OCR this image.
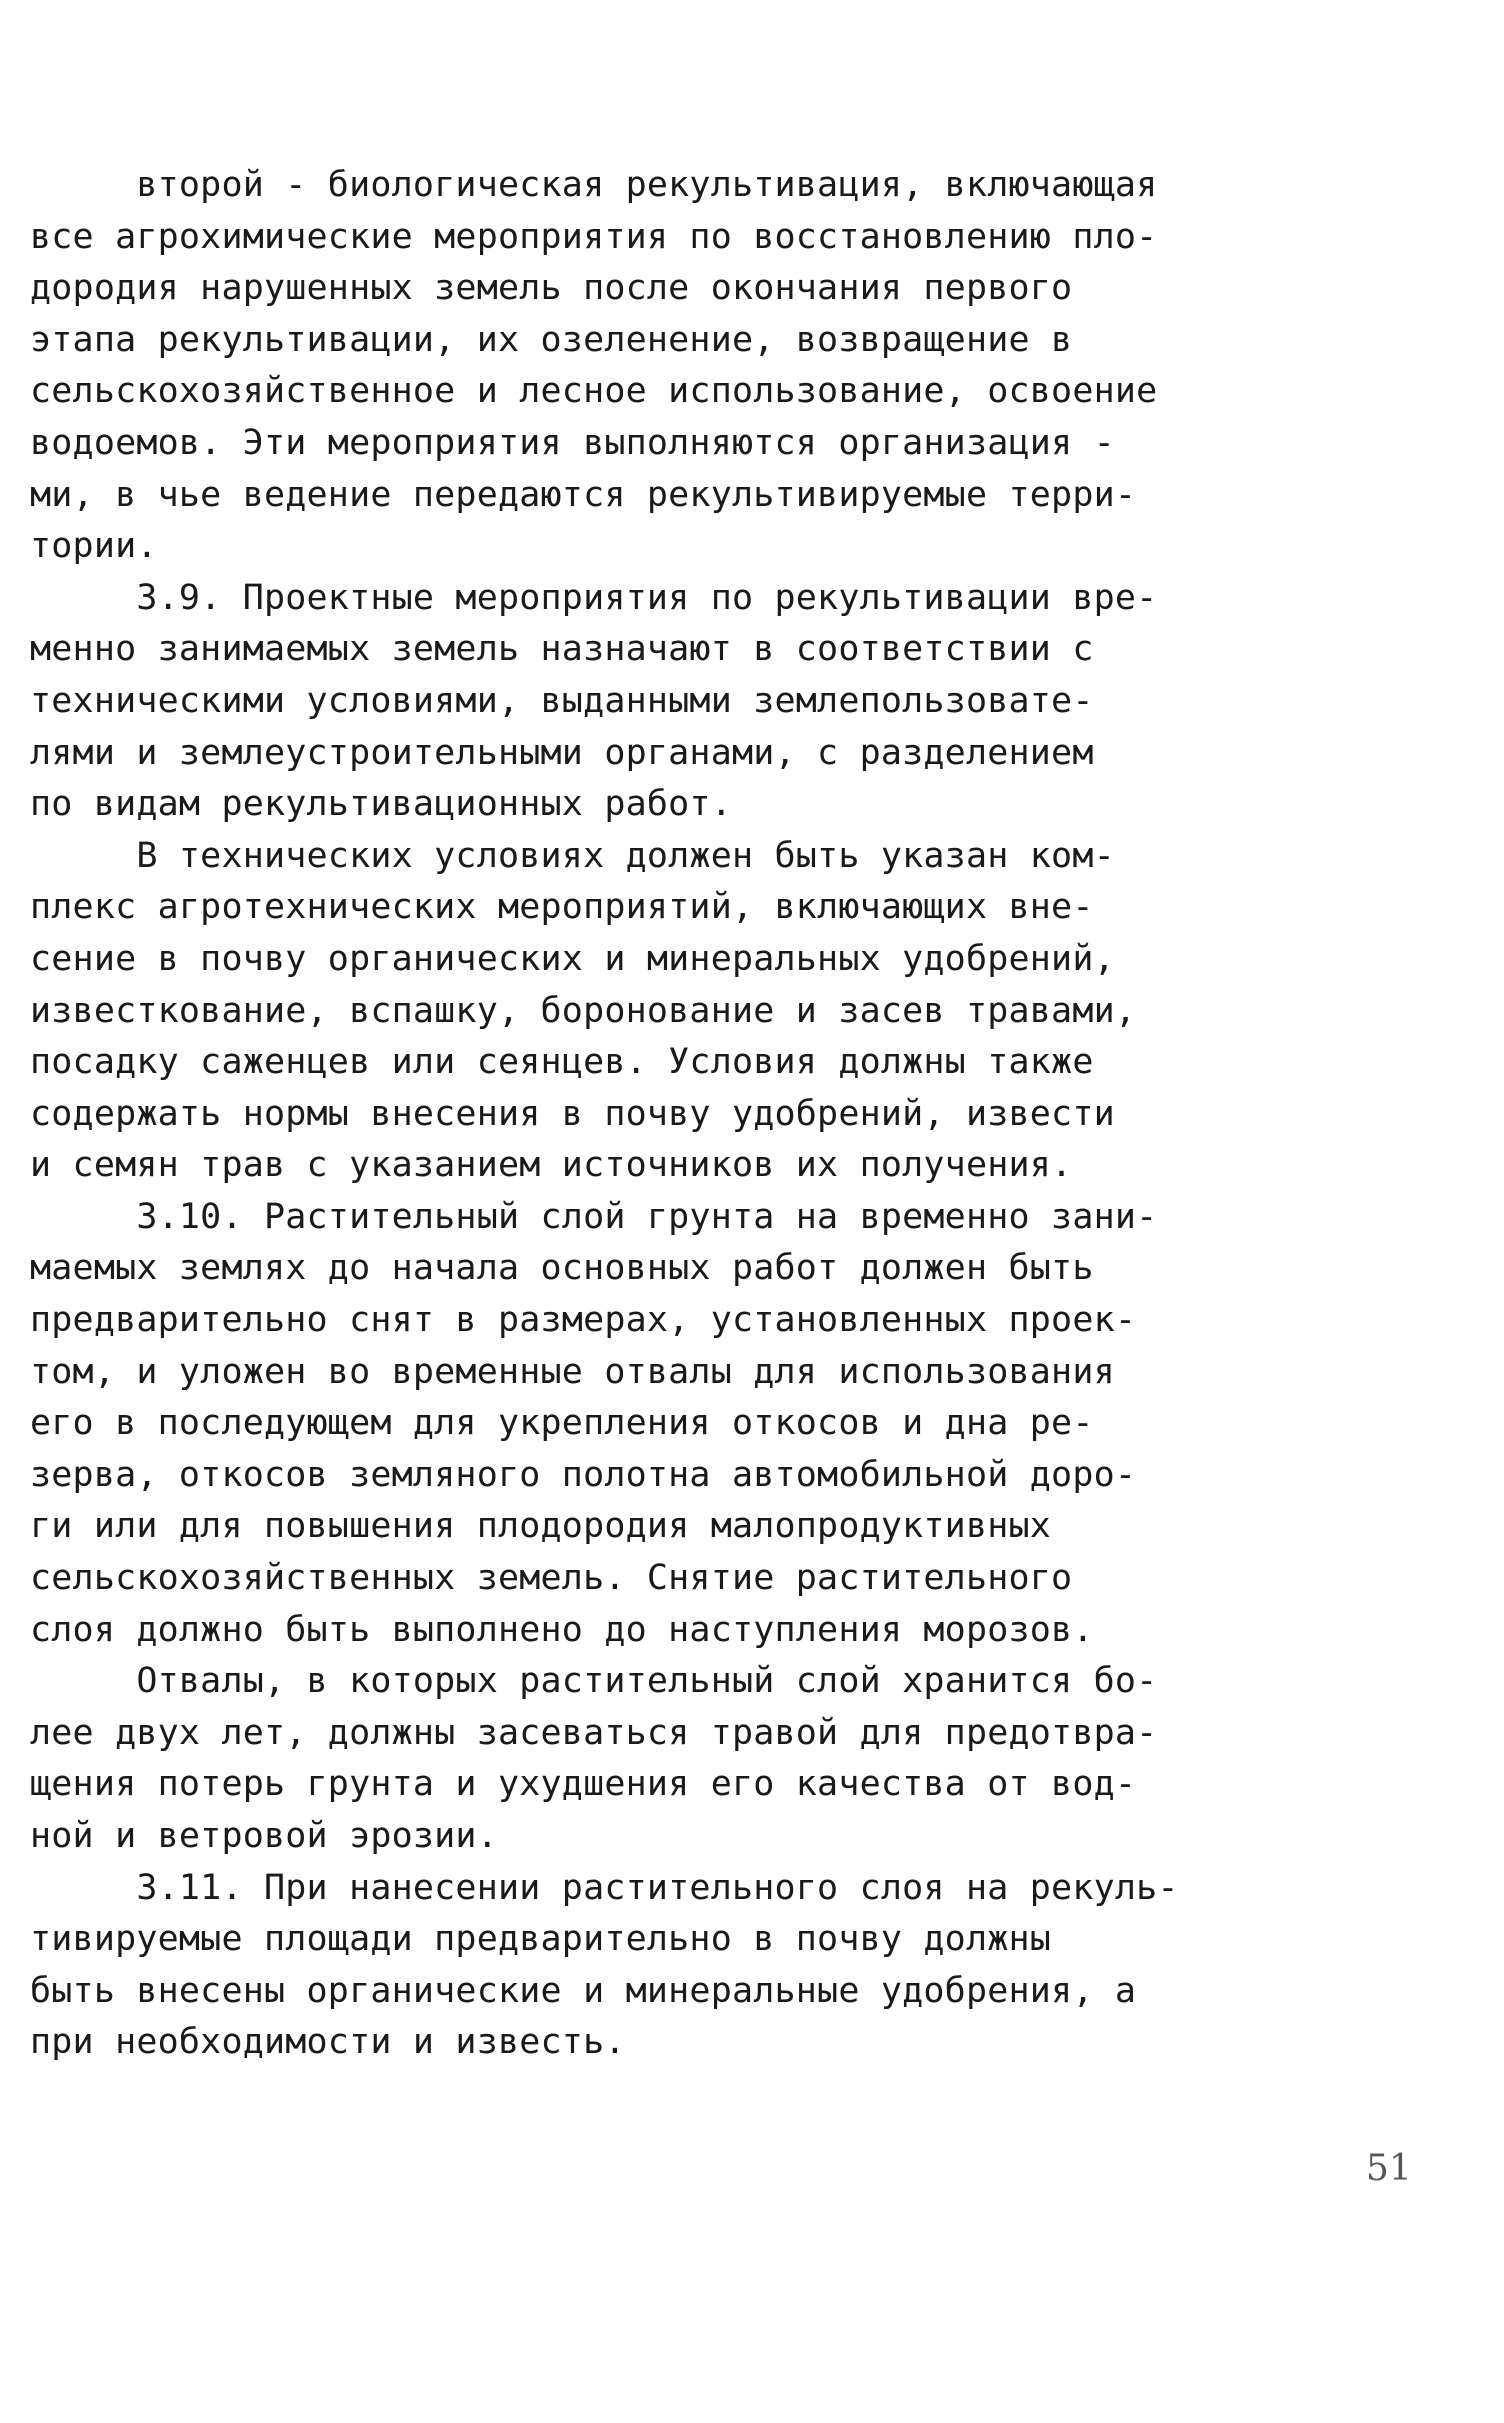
второй - биологическая рекультивация, включающая
все агрохимические мероприятия по восстановлению пло-
дородия нарушенных земель после окончания первого
этапа рекультивации, их озеленение, возвращение в
сельскохозяйственное и лесное использование, освоение
водоемов. Эти мероприятия выполняются организация -
ми, в чье ведение передаются рекультивируемые терри-
тории.
3.9. Проектные мероприятия по рекультивации вре-
менно занимаемых земель назначают в соответствии с
техническими условиями, выданными землепользовате-
лями и землеустроительными органами, с разделением
по видам рекультивационных работ.
В технических условиях должен быть указан ком-
плекс агротехнических мероприятий, включающих вне-
сение в почву органических и минеральных удобрений,
известкование, вспашку, боронование и засев травами,
посадку саженцев или сеянцев. Условия должны также
содержать нормы внесения в почву удобрений, извести
и семян трав с указанием источников их получения.
3.10. Растительный слой грунта на временно зани-
маемых землях до начала основных работ должен быть
предварительно снят в размерах, установленных проек-
том, и уложен во временные отвалы для использования
его в последующем для укрепления откосов и дна ре-
зерва, откосов земляного полотна автомобильной доро-
ги или для повышения плодородия малопродуктивных
сельскохозяйственных земель. Снятие растительного
слоя должно быть выполнено до наступления морозов.
Отвалы, в которых растительный слой хранится бо-
лее двух лет, должны засеваться травой для предотвра-
щения потерь грунта и ухудшения его качества от вод-
ной и ветровой эрозии.
3.11. При нанесении растительного слоя на рекуль-
тивируемые площади предварительно в почву должны
быть внесены органические и минеральные удобрения, а
при необходимости и известь.
51
